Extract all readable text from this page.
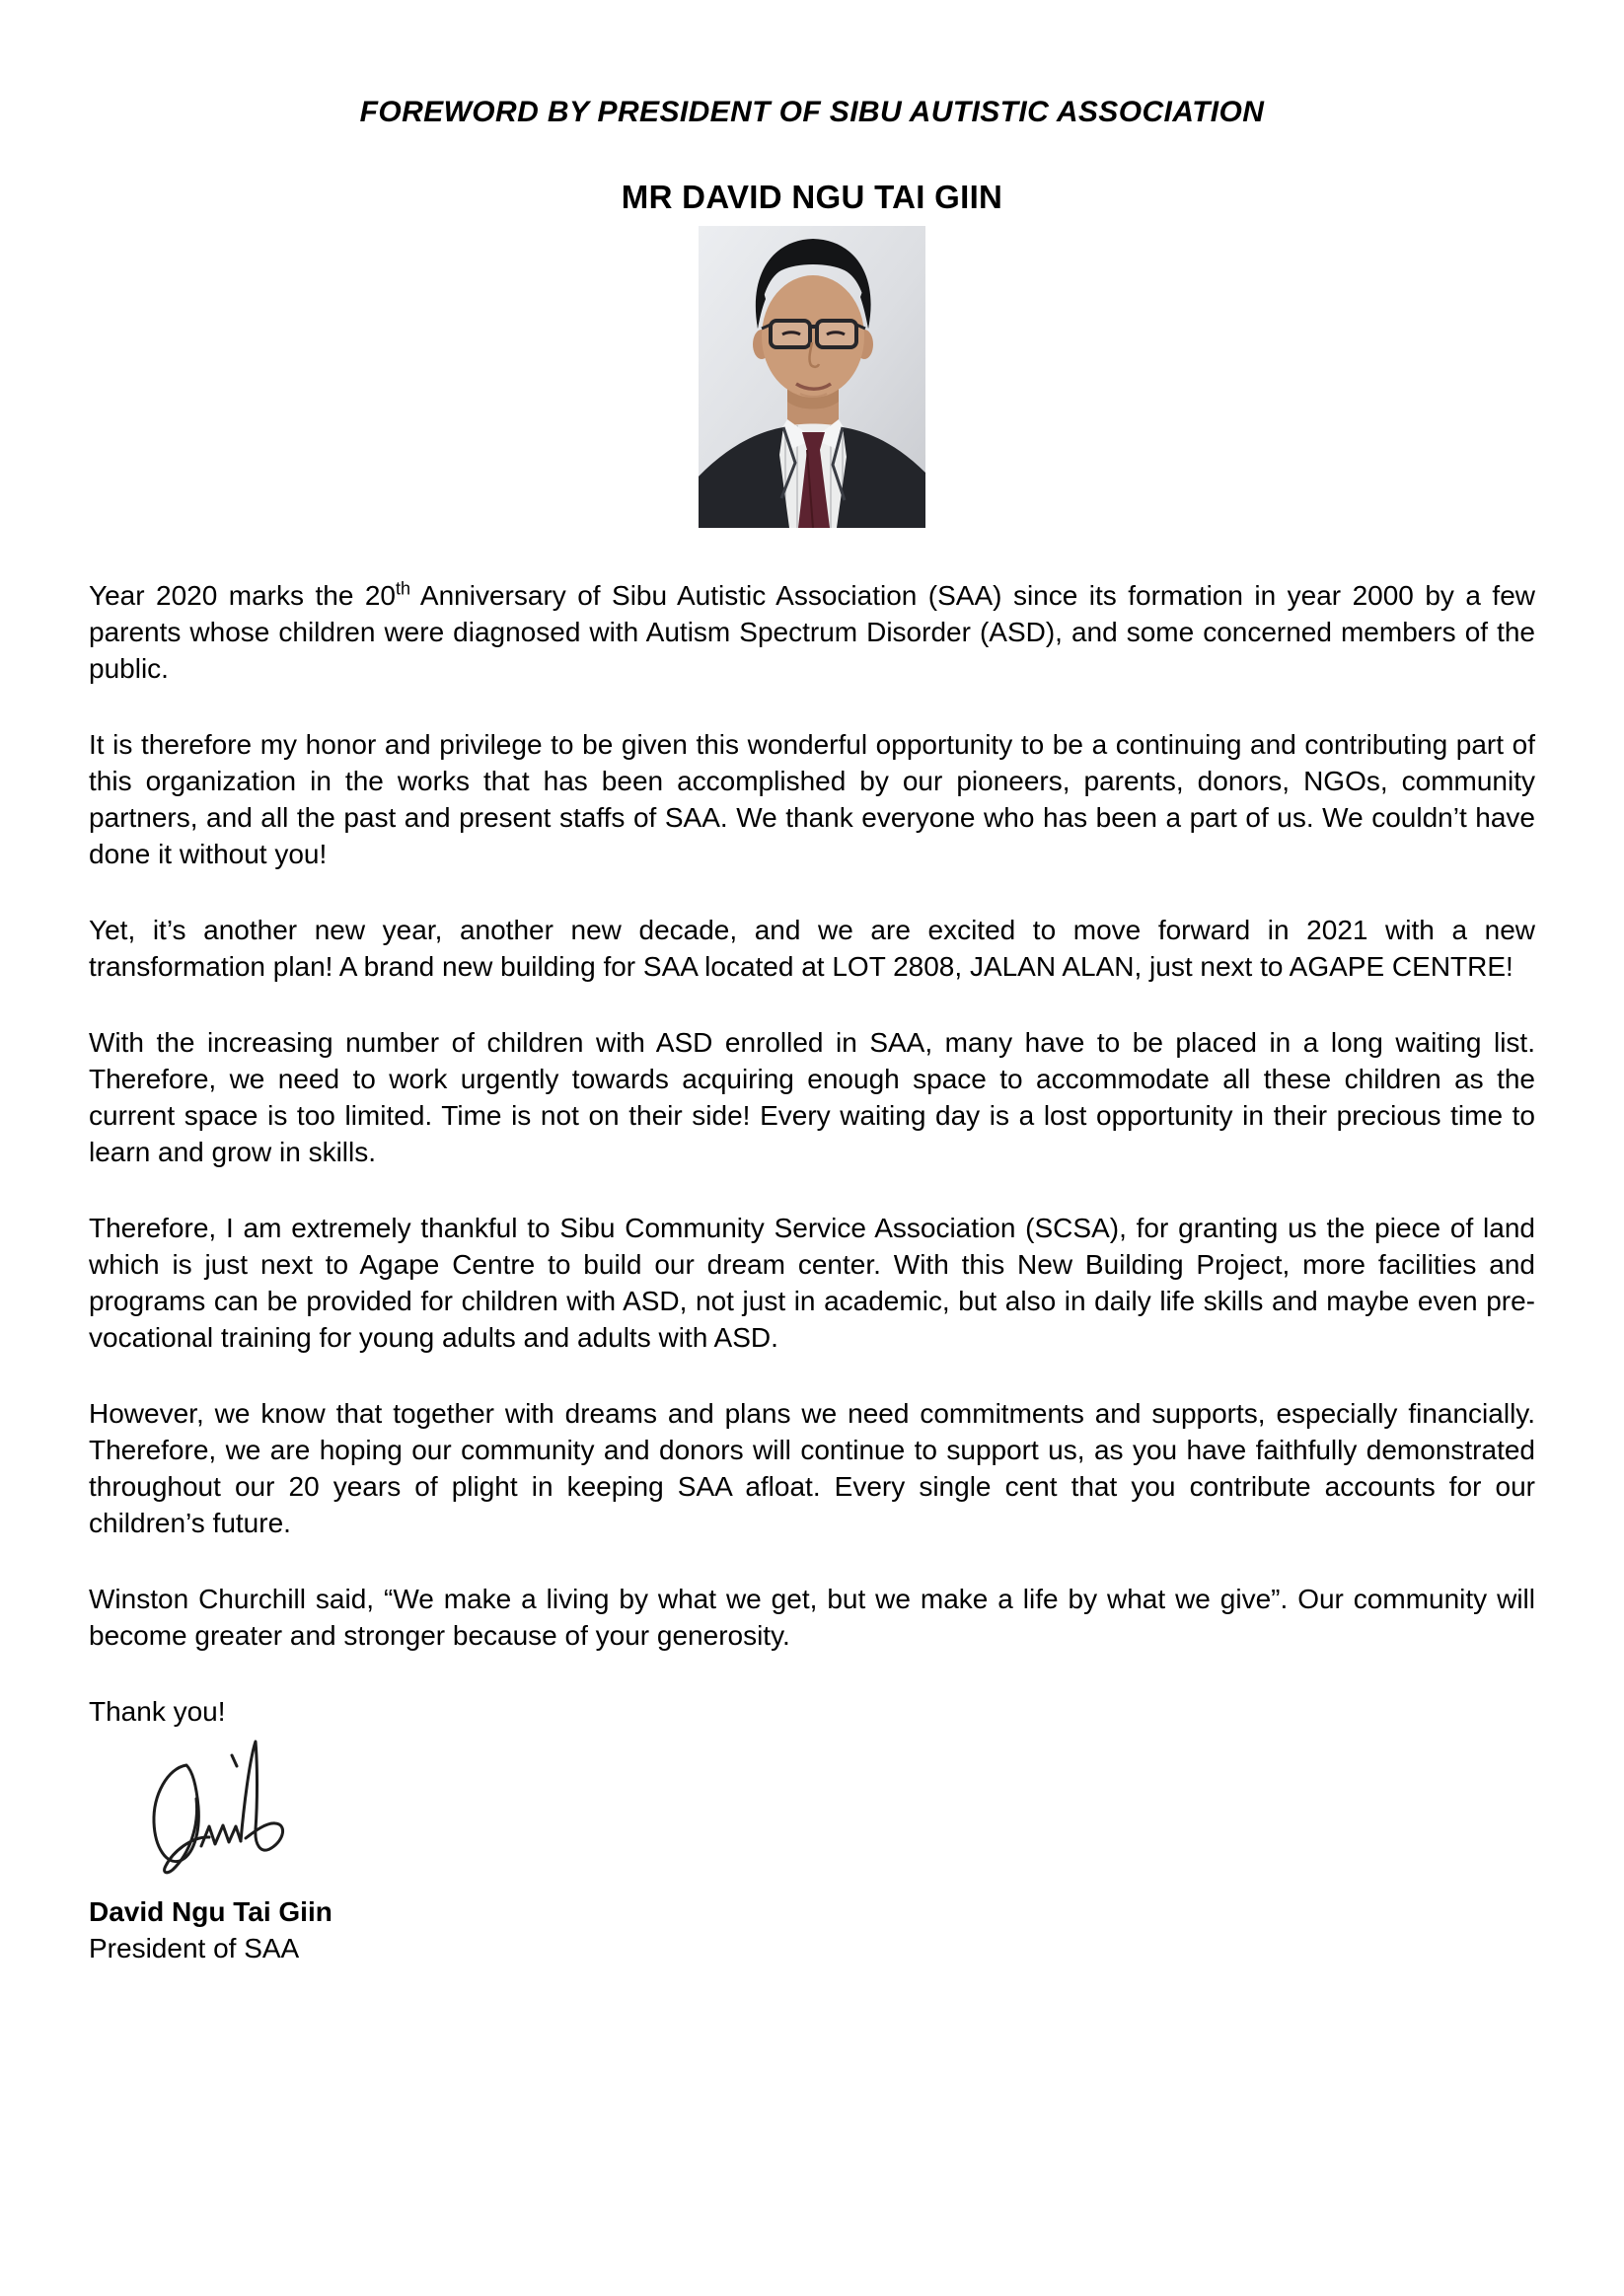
FOREWORD BY PRESIDENT OF SIBU AUTISTIC ASSOCIATION
MR DAVID NGU TAI GIIN

Year 2020 marks the 20th Anniversary of Sibu Autistic Association (SAA) since its formation in year 2000 by a few parents whose children were diagnosed with Autism Spectrum Disorder (ASD), and some concerned members of the public.

It is therefore my honor and privilege to be given this wonderful opportunity to be a continuing and contributing part of this organization in the works that has been accomplished by our pioneers, parents, donors, NGOs, community partners, and all the past and present staffs of SAA. We thank everyone who has been a part of us. We couldn’t have done it without you!

Yet, it’s another new year, another new decade, and we are excited to move forward in 2021 with a new transformation plan! A brand new building for SAA located at LOT 2808, JALAN ALAN, just next to AGAPE CENTRE!

With the increasing number of children with ASD enrolled in SAA, many have to be placed in a long waiting list. Therefore, we need to work urgently towards acquiring enough space to accommodate all these children as the current space is too limited. Time is not on their side! Every waiting day is a lost opportunity in their precious time to learn and grow in skills.

Therefore, I am extremely thankful to Sibu Community Service Association (SCSA), for granting us the piece of land which is just next to Agape Centre to build our dream center. With this New Building Project, more facilities and programs can be provided for children with ASD, not just in academic, but also in daily life skills and maybe even pre-vocational training for young adults and adults with ASD.

However, we know that together with dreams and plans we need commitments and supports, especially financially. Therefore, we are hoping our community and donors will continue to support us, as you have faithfully demonstrated throughout our 20 years of plight in keeping SAA afloat. Every single cent that you contribute accounts for our children’s future.

Winston Churchill said, “We make a living by what we get, but we make a life by what we give”. Our community will become greater and stronger because of your generosity.

Thank you!

David Ngu Tai Giin
President of SAA
